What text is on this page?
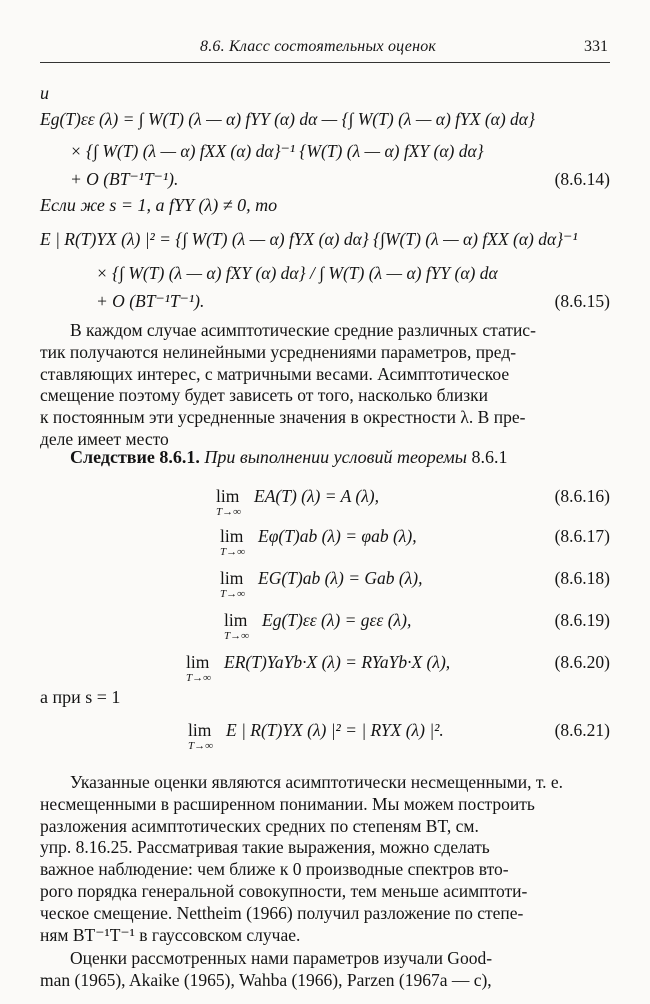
8.6. Класс состоятельных оценок	331
и
Eg(T)εε (λ) = ∫ W(T) (λ — α) fYY (α) dα — {∫ W(T) (λ — α) fYX (α) dα}
× {∫ W(T) (λ — α) fXX (α) dα}⁻¹ {W(T) (λ — α) fXY (α) dα}
+ O (BT⁻¹T⁻¹).	(8.6.14)
Если же s = 1, а fYY (λ) ≠ 0, то
E | R(T)YX (λ) |² = {∫ W(T) (λ — α) fYX (α) dα} {∫W(T) (λ — α) fXX (α) dα}⁻¹
× {∫ W(T) (λ — α) fXY (α) dα} / ∫ W(T) (λ — α) fYY (α) dα
+ O (BT⁻¹T⁻¹).	(8.6.15)
В каждом случае асимптотические средние различных статис-
тик получаются нелинейными усреднениями параметров, пред-
ставляющих интерес, с матричными весами. Асимптотическое
смещение поэтому будет зависеть от того, насколько близки
к постоянным эти усредненные значения в окрестности λ. В пре-
деле имеет место
Следствие 8.6.1. При выполнении условий теоремы 8.6.1
lim
T→∞
EA(T) (λ) = A (λ),	(8.6.16)
lim
T→∞
Eφ(T)ab (λ) = φab (λ),	(8.6.17)
lim
T→∞
EG(T)ab (λ) = Gab (λ),	(8.6.18)
lim
T→∞
Eg(T)εε (λ) = gεε (λ),	(8.6.19)
lim
T→∞
ER(T)YaYb·X (λ) = RYaYb·X (λ),	(8.6.20)
а при s = 1
lim
T→∞
E | R(T)YX (λ) |² = | RYX (λ) |².	(8.6.21)
Указанные оценки являются асимптотически несмещенными, т. е.
несмещенными в расширенном понимании. Мы можем построить
разложения асимптотических средних по степеням BT, см.
упр. 8.16.25. Рассматривая такие выражения, можно сделать
важное наблюдение: чем ближе к 0 производные спектров вто-
рого порядка генеральной совокупности, тем меньше асимптоти-
ческое смещение. Nettheim (1966) получил разложение по степе-
ням BT⁻¹T⁻¹ в гауссовском случае.
Оценки рассмотренных нами параметров изучали Good-
man (1965), Akaike (1965), Wahba (1966), Parzen (1967a — c),
